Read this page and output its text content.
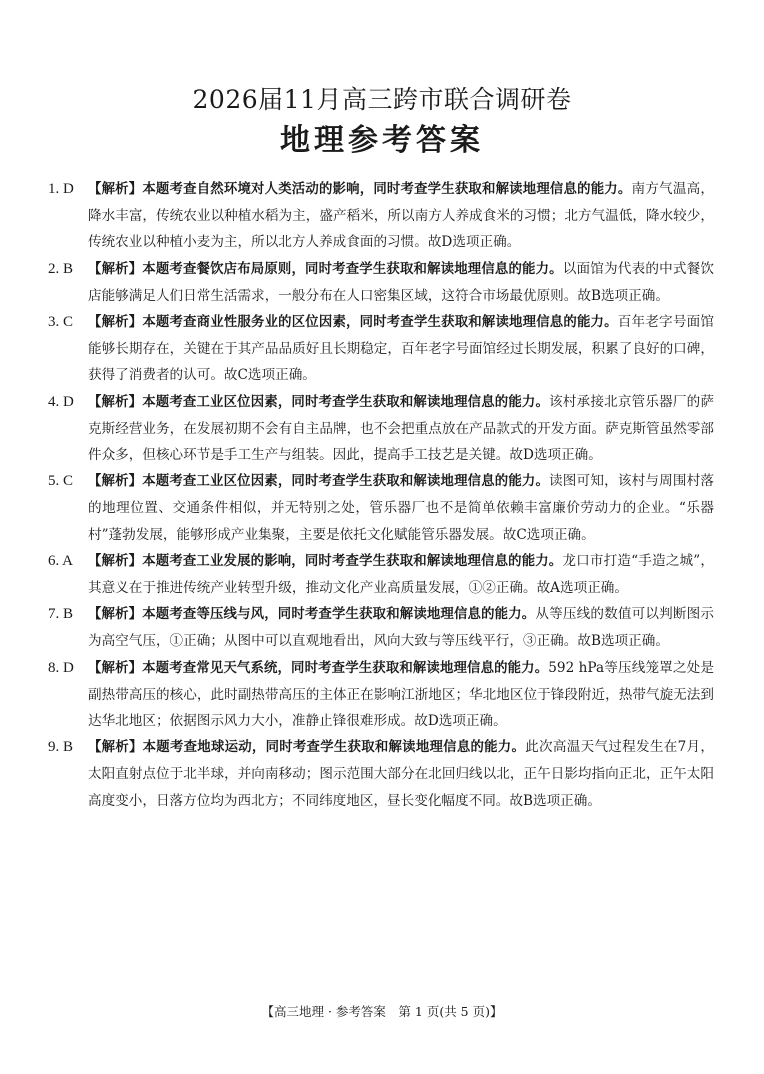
2026届11月高三跨市联合调研卷
地理参考答案
1. D	【解析】本题考查自然环境对人类活动的影响，同时考查学生获取和解读地理信息的能力。南方气温高，降水丰富，传统农业以种植水稻为主，盛产稻米，所以南方人养成食米的习惯；北方气温低，降水较少，传统农业以种植小麦为主，所以北方人养成食面的习惯。故D选项正确。
2. B	【解析】本题考查餐饮店布局原则，同时考查学生获取和解读地理信息的能力。以面馆为代表的中式餐饮店能够满足人们日常生活需求，一般分布在人口密集区域，这符合市场最优原则。故B选项正确。
3. C	【解析】本题考查商业性服务业的区位因素，同时考查学生获取和解读地理信息的能力。百年老字号面馆能够长期存在，关键在于其产品品质好且长期稳定，百年老字号面馆经过长期发展，积累了良好的口碑，获得了消费者的认可。故C选项正确。
4. D	【解析】本题考查工业区位因素，同时考查学生获取和解读地理信息的能力。该村承接北京管乐器厂的萨克斯经营业务，在发展初期不会有自主品牌，也不会把重点放在产品款式的开发方面。萨克斯管虽然零部件众多，但核心环节是手工生产与组装。因此，提高手工技艺是关键。故D选项正确。
5. C	【解析】本题考查工业区位因素，同时考查学生获取和解读地理信息的能力。读图可知，该村与周围村落的地理位置、交通条件相似，并无特别之处，管乐器厂也不是简单依赖丰富廉价劳动力的企业。“乐器村”蓬勃发展，能够形成产业集聚，主要是依托文化赋能管乐器发展。故C选项正确。
6. A	【解析】本题考查工业发展的影响，同时考查学生获取和解读地理信息的能力。龙口市打造“手造之城”，其意义在于推进传统产业转型升级，推动文化产业高质量发展，①②正确。故A选项正确。
7. B	【解析】本题考查等压线与风，同时考查学生获取和解读地理信息的能力。从等压线的数值可以判断图示为高空气压，①正确；从图中可以直观地看出，风向大致与等压线平行，③正确。故B选项正确。
8. D	【解析】本题考查常见天气系统，同时考查学生获取和解读地理信息的能力。592 hPa等压线笼罩之处是副热带高压的核心，此时副热带高压的主体正在影响江浙地区；华北地区位于锋段附近，热带气旋无法到达华北地区；依据图示风力大小，准静止锋很难形成。故D选项正确。
9. B	【解析】本题考查地球运动，同时考查学生获取和解读地理信息的能力。此次高温天气过程发生在7月，太阳直射点位于北半球，并向南移动；图示范围大部分在北回归线以北，正午日影均指向正北，正午太阳高度变小，日落方位均为西北方；不同纬度地区，昼长变化幅度不同。故B选项正确。
【高三地理 · 参考答案　第 1 页(共 5 页)】
